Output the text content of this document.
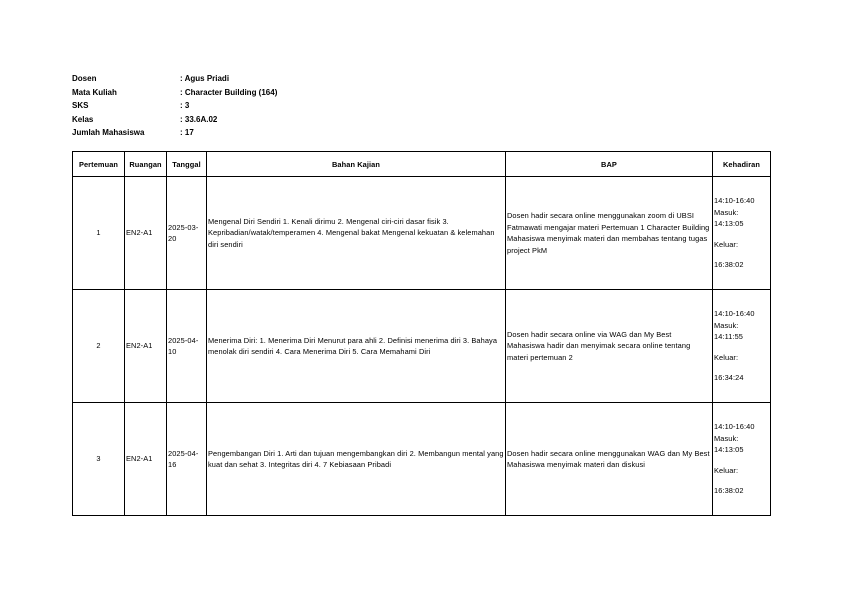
Dosen	: Agus Priadi
Mata Kuliah	: Character Building (164)
SKS	: 3
Kelas	: 33.6A.02
Jumlah Mahasiswa	: 17
Pertemuan	Ruangan	Tanggal	Bahan Kajian	BAP	Kehadiran
1	EN2-A1	2025-03-20	Mengenal Diri Sendiri 1. Kenali dirimu 2. Mengenal ciri-ciri dasar fisik 3. Kepribadian/watak/temperamen 4. Mengenal bakat Mengenal kekuatan & kelemahan diri sendiri	Dosen hadir secara online menggunakan zoom di UBSI Fatmawati mengajar materi Pertemuan 1 Character Building Mahasiswa menyimak materi dan membahas tentang tugas project PkM	14:10-16:40
Masuk:
14:13:05
Keluar:
16:38:02

2	EN2-A1	2025-04-10	Menerima Diri: 1. Menerima Diri Menurut para ahli 2. Definisi menerima diri 3. Bahaya menolak diri sendiri 4. Cara Menerima Diri 5. Cara Memahami Diri	Dosen hadir secara online via WAG dan My Best Mahasiswa hadir dan menyimak secara online tentang materi pertemuan 2	14:10-16:40
Masuk:
14:11:55
Keluar:
16:34:24

3	EN2-A1	2025-04-16	Pengembangan Diri 1. Arti dan tujuan mengembangkan diri 2. Membangun mental yang kuat dan sehat 3. Integritas diri 4. 7 Kebiasaan Pribadi	Dosen hadir secara online menggunakan WAG dan My Best Mahasiswa menyimak materi dan diskusi	14:10-16:40
Masuk:
14:13:05
Keluar:
16:38:02
